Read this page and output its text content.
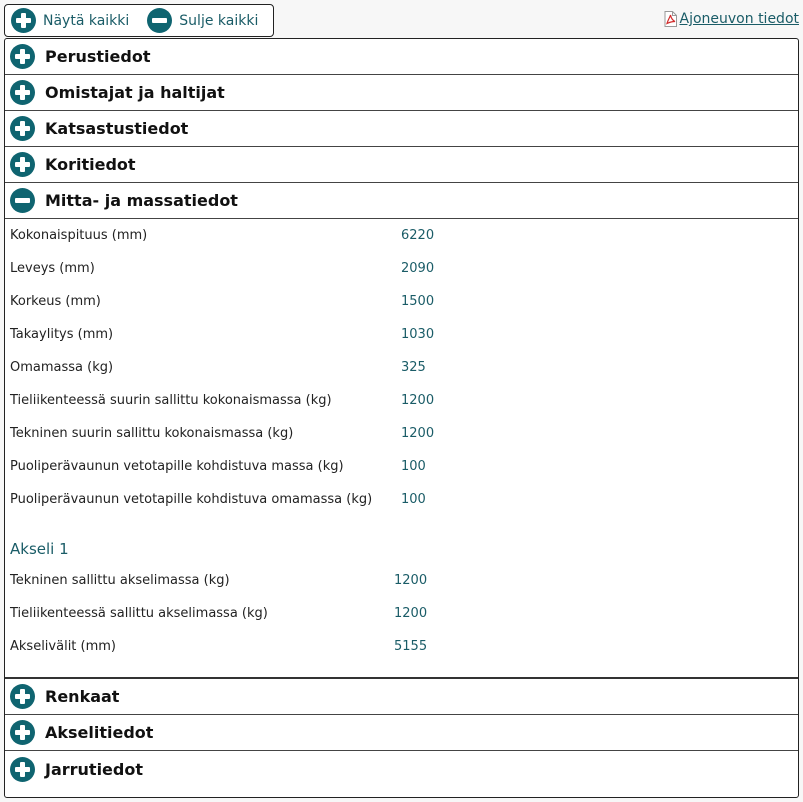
Näytä kaikki	Sulje kaikki	Ajoneuvon tiedot
Perustiedot
Omistajat ja haltijat
Katsastustiedot
Koritiedot
Mitta- ja massatiedot
Kokonaispituus (mm)	6220
Leveys (mm)	2090
Korkeus (mm)	1500
Takaylitys (mm)	1030
Omamassa (kg)	325
Tieliikenteessä suurin sallittu kokonaismassa (kg)	1200
Tekninen suurin sallittu kokonaismassa (kg)	1200
Puoliperävaunun vetotapille kohdistuva massa (kg)	100
Puoliperävaunun vetotapille kohdistuva omamassa (kg) 100
Akseli 1
Tekninen sallittu akselimassa (kg)	1200
Tieliikenteessä sallittu akselimassa (kg)	1200
Akselivälit (mm)	5155
Renkaat
Akselitiedot
Jarrutiedot
